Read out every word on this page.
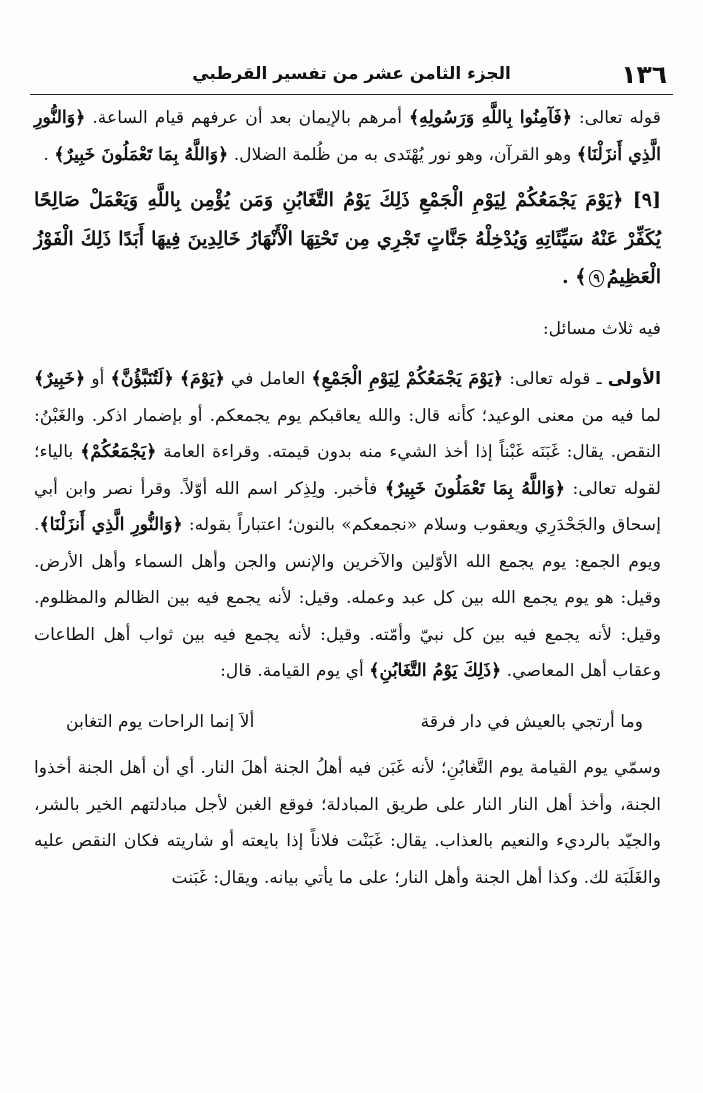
١٣٦
الجزء الثامن عشر من تفسير القرطبي

قوله تعالى: ﴿فَآمِنُوا بِاللَّهِ وَرَسُولِهِ﴾ أمرهم بالإيمان بعد أن عرفهم قيام الساعة. ﴿وَالنُّورِ الَّذِي أَنزَلْنَا﴾ وهو القرآن، وهو نور يُهْتَدى به من ظُلمة الضلال. ﴿وَاللَّهُ بِمَا تَعْمَلُونَ خَبِيرٌ﴾ .

[٩] ﴿يَوْمَ يَجْمَعُكُمْ لِيَوْمِ الْجَمْعِ ذَلِكَ يَوْمُ التَّغَابُنِ وَمَن يُؤْمِن بِاللَّهِ وَيَعْمَلْ صَالِحًا يُكَفِّرْ عَنْهُ سَيِّئَاتِهِ وَيُدْخِلْهُ جَنَّاتٍ تَجْرِي مِن تَحْتِهَا الْأَنْهَارُ خَالِدِينَ فِيهَا أَبَدًا ذَلِكَ الْفَوْزُ الْعَظِيمُ٩﴾ .

فيه ثلاث مسائل:

الأولى ـ قوله تعالى: ﴿يَوْمَ يَجْمَعُكُمْ لِيَوْمِ الْجَمْعِ﴾ العامل في ﴿يَوْمَ﴾ ﴿لَتُنَبَّؤُنَّ﴾ أو ﴿خَبِيرٌ﴾ لما فيه من معنى الوعيد؛ كأنه قال: والله يعاقبكم يوم يجمعكم. أو بإضمار اذكر. والغَبْنُ: النقص. يقال: غَبَنَه غَبْناً إذا أخذ الشيء منه بدون قيمته. وقراءة العامة ﴿يَجْمَعُكُمْ﴾ بالياء؛ لقوله تعالى: ﴿وَاللَّهُ بِمَا تَعْمَلُونَ خَبِيرٌ﴾ فأخبر. ولِذِكر اسم الله أوّلاً. وقرأ نصر وابن أبي إسحاق والجَحْدَرِي ويعقوب وسلام «نجمعكم» بالنون؛ اعتباراً بقوله: ﴿وَالنُّورِ الَّذِي أَنزَلْنَا﴾. ويوم الجمع: يوم يجمع الله الأوّلين والآخرين والإنس والجن وأهل السماء وأهل الأرض. وقيل: هو يوم يجمع الله بين كل عبد وعمله. وقيل: لأنه يجمع فيه بين الظالم والمظلوم. وقيل: لأنه يجمع فيه بين كل نبيّ وأمّته. وقيل: لأنه يجمع فيه بين ثواب أهل الطاعات وعقاب أهل المعاصي. ﴿ذَلِكَ يَوْمُ التَّغَابُنِ﴾ أي يوم القيامة. قال:

وما أرتجي بالعيش في دار فرقة
ألاَ إنما الراحات يوم التغابن

وسمّي يوم القيامة يوم التَّغابُنِ؛ لأنه غَبَن فيه أهلُ الجنة أهلَ النار. أي أن أهل الجنة أخذوا الجنة، وأخذ أهل النار النار على طريق المبادلة؛ فوقع الغبن لأجل مبادلتهم الخير بالشر، والجيّد بالرديء والنعيم بالعذاب. يقال: غَبَنْت فلاناً إذا بايعته أو شاريته فكان النقص عليه والغَلَبَة لك. وكذا أهل الجنة وأهل النار؛ على ما يأتي بيانه. ويقال: غَبَنت
